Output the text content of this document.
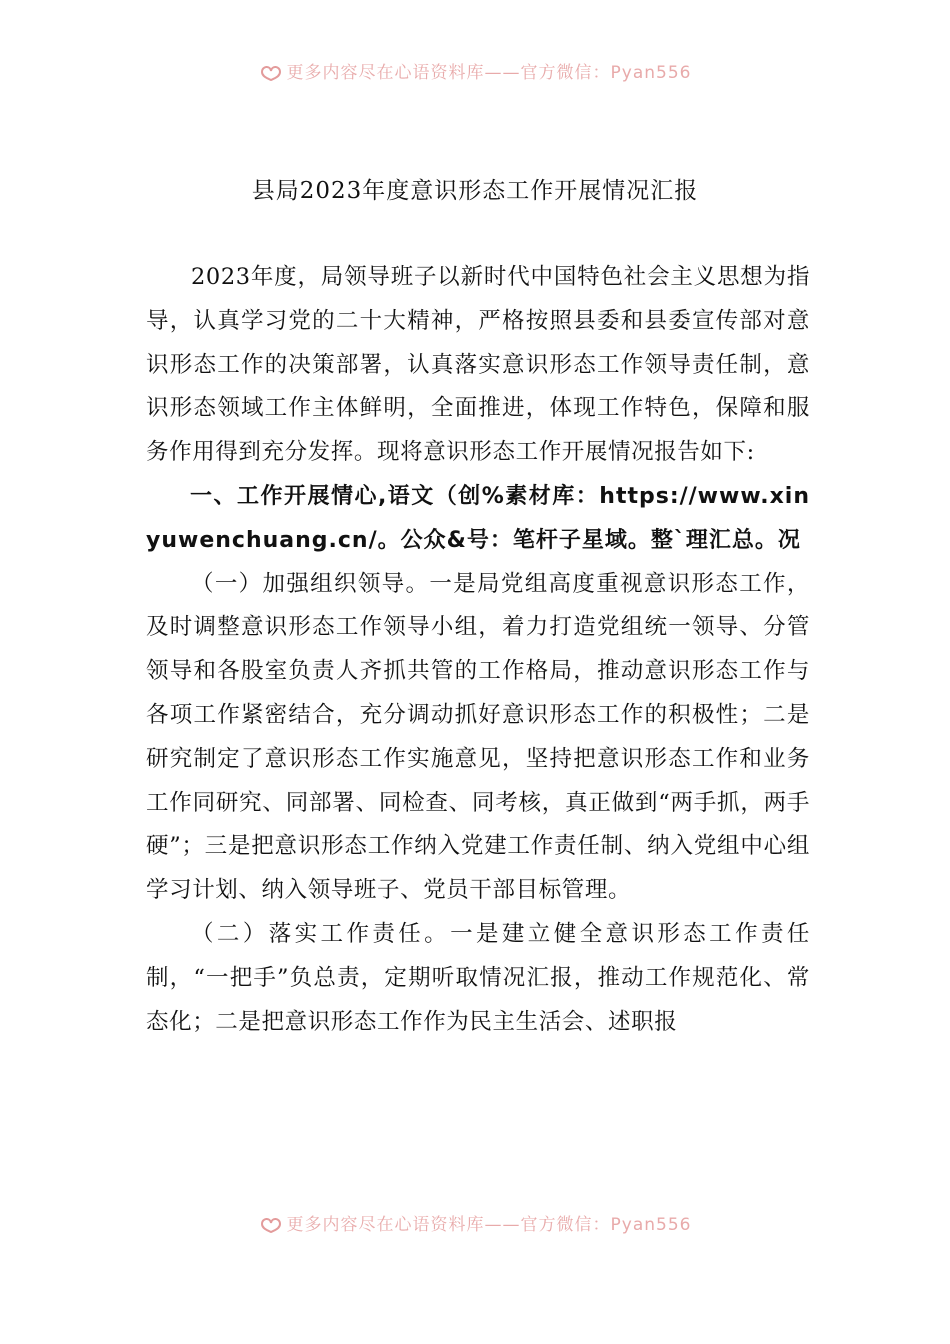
更多内容尽在心语资料库——官方微信：Pyan556
县局2023年度意识形态工作开展情况汇报

2023年度，局领导班子以新时代中国特色社会主义思想为指导，认真学习党的二十大精神，严格按照县委和县委宣传部对意识形态工作的决策部署，认真落实意识形态工作领导责任制，意识形态领域工作主体鲜明，全面推进，体现工作特色，保障和服务作用得到充分发挥。现将意识形态工作开展情况报告如下:

一、工作开展情心,语文（创%素材库：https://www.xinyuwenchuang.cn/。公众&号：笔杆子星域。整`理汇总。况

（一）加强组织领导。一是局党组高度重视意识形态工作，及时调整意识形态工作领导小组，着力打造党组统一领导、分管领导和各股室负责人齐抓共管的工作格局，推动意识形态工作与各项工作紧密结合，充分调动抓好意识形态工作的积极性；二是研究制定了意识形态工作实施意见，坚持把意识形态工作和业务工作同研究、同部署、同检查、同考核，真正做到“两手抓，两手硬”；三是把意识形态工作纳入党建工作责任制、纳入党组中心组学习计划、纳入领导班子、党员干部目标管理。

（二）落实工作责任。一是建立健全意识形态工作责任制，“一把手”负总责，定期听取情况汇报，推动工作规范化、常态化；二是把意识形态工作作为民主生活会、述职报

更多内容尽在心语资料库——官方微信：Pyan556
